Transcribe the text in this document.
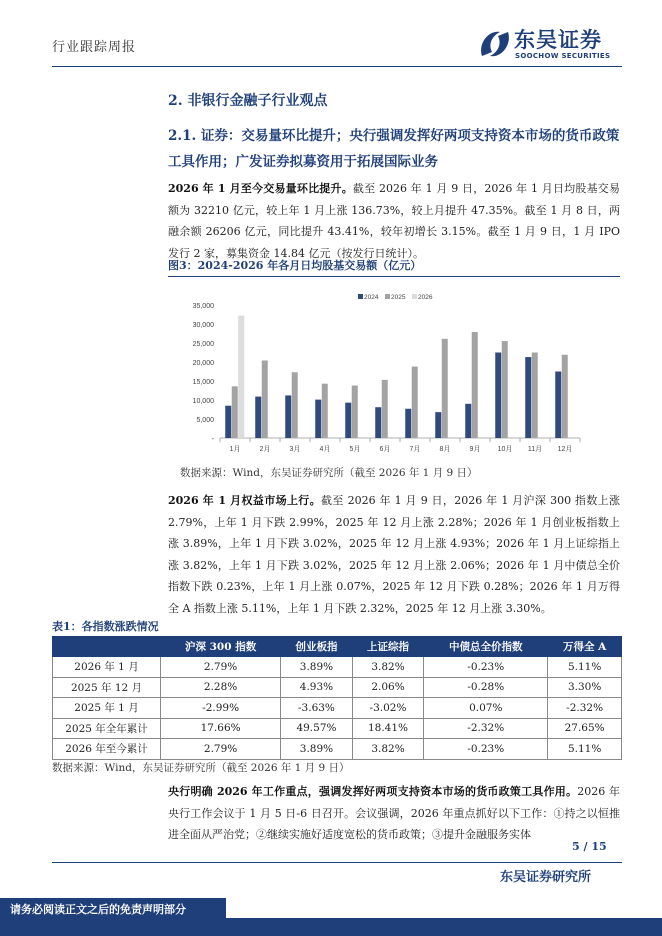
行业跟踪周报	东吴证券
SOOCHOW SECURITIES
2. 非银行金融子行业观点
2.1. 证券：交易量环比提升；央行强调发挥好两项支持资本市场的货币政策工具作用；广发证券拟募资用于拓展国际业务
2026 年 1 月至今交易量环比提升。截至 2026 年 1 月 9 日，2026 年 1 月日均股基交易额为 32210 亿元，较上年 1 月上涨 136.73%，较上月提升 47.35%。截至 1 月 8 日，两融余额 26206 亿元，同比提升 43.41%，较年初增长 3.15%。截至 1 月 9 日，1 月 IPO 发行 2 家，募集资金 14.84 亿元（按发行日统计）。
图3：2024-2026 年各月日均股基交易额（亿元）
-
5,000
10,000
15,000
20,000
25,000
30,000
35,000
1月	2月	3月	4月	5月	6月	7月	8月	9月 10月 11月 12月
2024 2025 2026
数据来源：Wind，东吴证券研究所（截至 2026 年 1 月 9 日）
2026 年 1 月权益市场上行。截至 2026 年 1 月 9 日，2026 年 1 月沪深 300 指数上涨 2.79%，上年 1 月下跌 2.99%，2025 年 12 月上涨 2.28%；2026 年 1 月创业板指数上涨 3.89%，上年 1 月下跌 3.02%，2025 年 12 月上涨 4.93%；2026 年 1 月上证综指上涨 3.82%，上年 1 月下跌 3.02%，2025 年 12 月上涨 2.06%；2026 年 1 月中债总全价指数下跌 0.23%，上年 1 月上涨 0.07%，2025 年 12 月下跌 0.28%；2026 年 1 月万得全 A 指数上涨 5.11%，上年 1 月下跌 2.32%，2025 年 12 月上涨 3.30%。
表1：各指数涨跌情况
	沪深 300 指数	创业板指	上证综指	中债总全价指数	万得全 A
2026 年 1 月	2.79%	3.89%	3.82%	-0.23%	5.11%
2025 年 12 月	2.28%	4.93%	2.06%	-0.28%	3.30%
2025 年 1 月	-2.99%	-3.63%	-3.02%	0.07%	-2.32%
2025 年全年累计	17.66%	49.57%	18.41%	-2.32%	27.65%
2026 年至今累计	2.79%	3.89%	3.82%	-0.23%	5.11%
数据来源：Wind，东吴证券研究所（截至 2026 年 1 月 9 日）
央行明确 2026 年工作重点，强调发挥好两项支持资本市场的货币政策工具作用。2026 年央行工作会议于 1 月 5 日-6 日召开。会议强调，2026 年重点抓好以下工作：①持之以恒推进全面从严治党；②继续实施好适度宽松的货币政策；③提升金融服务实体
5 / 15
东吴证券研究所
请务必阅读正文之后的免责声明部分
